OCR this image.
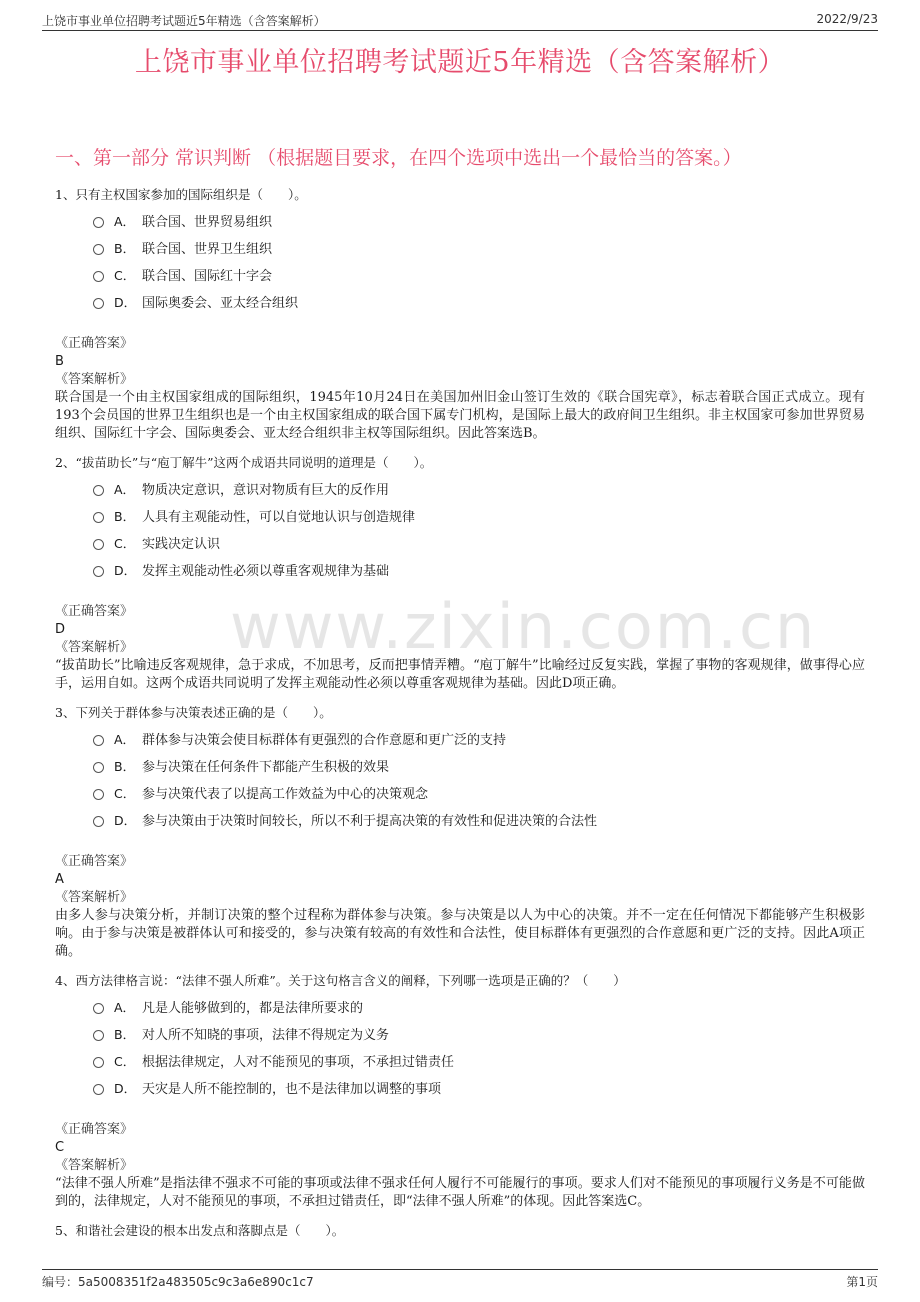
上饶市事业单位招聘考试题近5年精选（含答案解析）	2022/9/23
上饶市事业单位招聘考试题近5年精选（含答案解析）
一、第一部分 常识判断 （根据题目要求，在四个选项中选出一个最恰当的答案。）
www.zixin.com.cn
1、只有主权国家参加的国际组织是（　　）。
A． 联合国、世界贸易组织
B． 联合国、世界卫生组织
C． 联合国、国际红十字会
D． 国际奥委会、亚太经合组织
《正确答案》
B
《答案解析》
联合国是一个由主权国家组成的国际组织，1945年10月24日在美国加州旧金山签订生效的《联合国宪章》，标志着联合国正式成立。现有193个会员国的世界卫生组织也是一个由主权国家组成的联合国下属专门机构，是国际上最大的政府间卫生组织。非主权国家可参加世界贸易组织、国际红十字会、国际奥委会、亚太经合组织非主权等国际组织。因此答案选B。
2、“拔苗助长”与“庖丁解牛”这两个成语共同说明的道理是（　　）。
A． 物质决定意识，意识对物质有巨大的反作用
B． 人具有主观能动性，可以自觉地认识与创造规律
C． 实践决定认识
D． 发挥主观能动性必须以尊重客观规律为基础
《正确答案》
D
《答案解析》
“拔苗助长”比喻违反客观规律，急于求成，不加思考，反而把事情弄糟。“庖丁解牛”比喻经过反复实践，掌握了事物的客观规律，做事得心应手，运用自如。这两个成语共同说明了发挥主观能动性必须以尊重客观规律为基础。因此D项正确。
3、下列关于群体参与决策表述正确的是（　　）。
A． 群体参与决策会使目标群体有更强烈的合作意愿和更广泛的支持
B． 参与决策在任何条件下都能产生积极的效果
C． 参与决策代表了以提高工作效益为中心的决策观念
D． 参与决策由于决策时间较长，所以不利于提高决策的有效性和促进决策的合法性
《正确答案》
A
《答案解析》
由多人参与决策分析，并制订决策的整个过程称为群体参与决策。参与决策是以人为中心的决策。并不一定在任何情况下都能够产生积极影响。由于参与决策是被群体认可和接受的，参与决策有较高的有效性和合法性，使目标群体有更强烈的合作意愿和更广泛的支持。因此A项正确。
4、西方法律格言说：“法律不强人所难”。关于这句格言含义的阐释，下列哪一选项是正确的？（　　）
A． 凡是人能够做到的，都是法律所要求的
B． 对人所不知晓的事项，法律不得规定为义务
C． 根据法律规定，人对不能预见的事项，不承担过错责任
D． 天灾是人所不能控制的，也不是法律加以调整的事项
《正确答案》
C
《答案解析》
“法律不强人所难”是指法律不强求不可能的事项或法律不强求任何人履行不可能履行的事项。要求人们对不能预见的事项履行义务是不可能做到的，法律规定，人对不能预见的事项，不承担过错责任，即“法律不强人所难”的体现。因此答案选C。
5、和谐社会建设的根本出发点和落脚点是（　　）。
编号：5a5008351f2a483505c9c3a6e890c1c7	第1页
